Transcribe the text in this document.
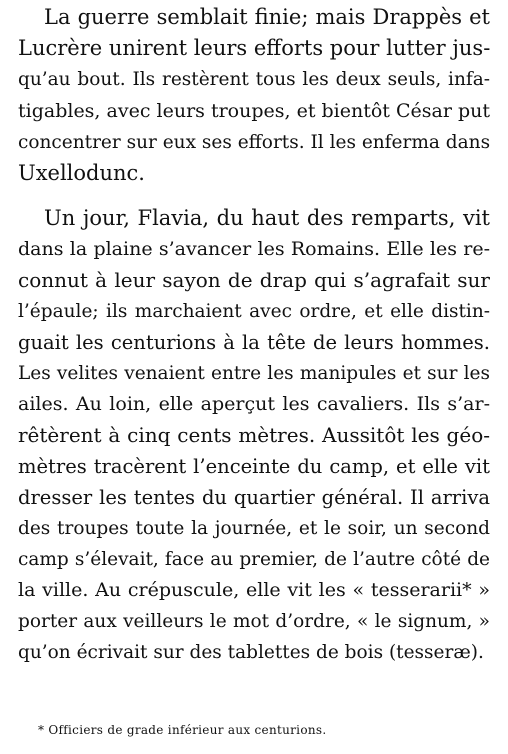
La guerre semblait finie; mais Drappès et
Lucrère unirent leurs efforts pour lutter jus-
qu’au bout. Ils restèrent tous les deux seuls, infa-
tigables, avec leurs troupes, et bientôt César put
concentrer sur eux ses efforts. Il les enferma dans
Uxellodunc.
Un jour, Flavia, du haut des remparts, vit
dans la plaine s’avancer les Romains. Elle les re-
connut à leur sayon de drap qui s’agrafait sur
l’épaule; ils marchaient avec ordre, et elle distin-
guait les centurions à la tête de leurs hommes.
Les velites venaient entre les manipules et sur les
ailes. Au loin, elle aperçut les cavaliers. Ils s’ar-
rêtèrent à cinq cents mètres. Aussitôt les géo-
mètres tracèrent l’enceinte du camp, et elle vit
dresser les tentes du quartier général. Il arriva
des troupes toute la journée, et le soir, un second
camp s’élevait, face au premier, de l’autre côté de
la ville. Au crépuscule, elle vit les « tesserarii* »
porter aux veilleurs le mot d’ordre, « le signum, »
qu’on écrivait sur des tablettes de bois (tesseræ).
* Officiers de grade inférieur aux centurions.
